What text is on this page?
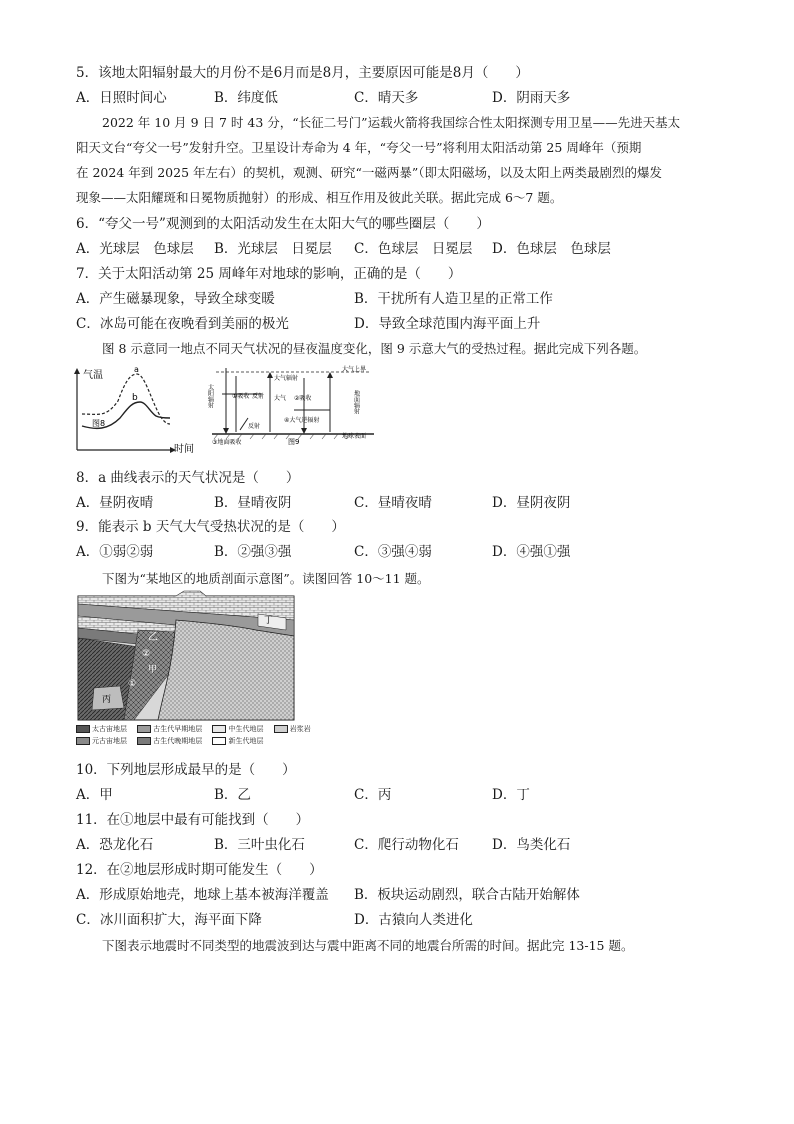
5．该地太阳辐射最大的月份不是6月而是8月，主要原因可能是8月（　　）
A．日照时间心	B．纬度低	C．晴天多	D．阴雨天多
2022 年 10 月 9 日 7 时 43 分，“长征二号门”运载火箭将我国综合性太阳探测专用卫星——先进天基太
阳天文台“夸父一号”发射升空。卫星设计寿命为 4 年，“夸父一号”将利用太阳活动第 25 周峰年（预期
在 2024 年到 2025 年左右）的契机，观测、研究“一磁两暴”（即太阳磁场，以及太阳上两类最剧烈的爆发
现象——太阳耀斑和日冕物质抛射）的形成、相互作用及彼此关联。据此完成 6～7 题。
6．“夸父一号”观测到的太阳活动发生在太阳大气的哪些圈层（　　）
A．光球层　色球层 B．光球层　日冕层 C．色球层　日冕层 D．色球层　色球层
7．关于太阳活动第 25 周峰年对地球的影响，正确的是（　　）
A．产生磁暴现象，导致全球变暖	B．干扰所有人造卫星的正常工作
C．冰岛可能在夜晚看到美丽的极光	D．导致全球范围内海平面上升
图 8 示意同一地点不同天气状况的昼夜温度变化，图 9 示意大气的受热过程。据此完成下列各题。
气温
时间
图8
a
b
大气上界
太阳辐射
大气辐射
①吸收 反射 大气 ②吸收	地面辐射
④大气逆辐射
地球表面
③地面吸收
反射
图9
8．a 曲线表示的天气状况是（　　）
A．昼阴夜晴	B．昼晴夜阴	C．昼晴夜晴	D．昼阴夜阴
9．能表示 b 天气大气受热状况的是（　　）
A．①弱②弱	B．②强③强	C．③强④弱	D．④强①强
下图为“某地区的地质剖面示意图”。读图回答 10～11 题。
丁
乙
甲
①
②
丙
太古宙地层	古生代早期地层	中生代地层	岩浆岩
元古宙地层	古生代晚期地层	新生代地层
10．下列地层形成最早的是（　　）
A．甲	B．乙	C．丙	D．丁
11．在①地层中最有可能找到（　　）
A．恐龙化石	B．三叶虫化石	C．爬行动物化石 D．鸟类化石
12．在②地层形成时期可能发生（　　）
A．形成原始地壳，地球上基本被海洋覆盖 B．板块运动剧烈，联合古陆开始解体
C．冰川面积扩大，海平面下降	D．古猿向人类进化
下图表示地震时不同类型的地震波到达与震中距离不同的地震台所需的时间。据此完 13-15 题。
